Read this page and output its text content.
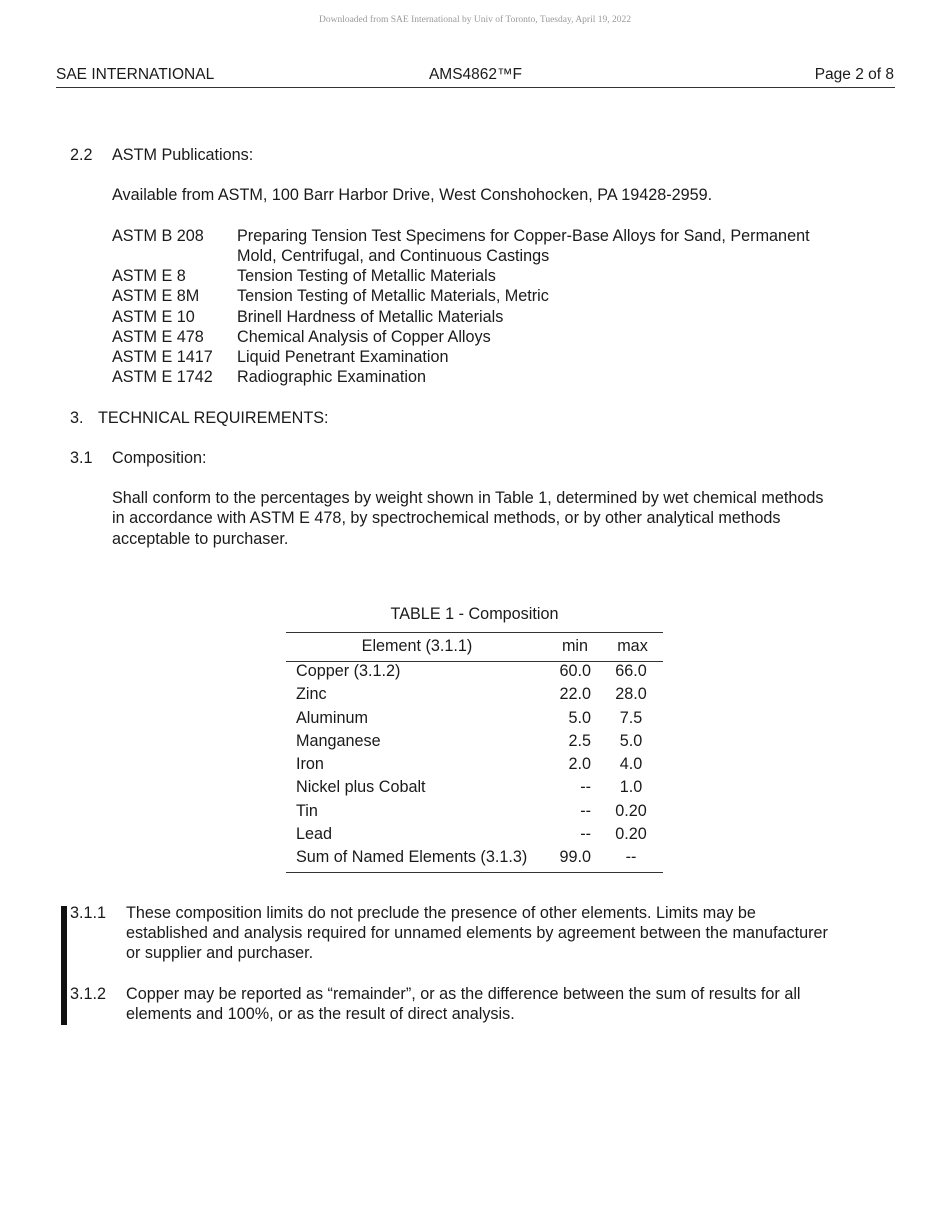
Downloaded from SAE International by Univ of Toronto, Tuesday, April 19, 2022
AMS4862™F
SAE INTERNATIONAL	Page 2 of 8
2.2 ASTM Publications:
Available from ASTM, 100 Barr Harbor Drive, West Conshohocken, PA 19428-2959.
ASTM B 208 Preparing Tension Test Specimens for Copper-Base Alloys for Sand, Permanent
Mold, Centrifugal, and Continuous Castings
ASTM E 8	Tension Testing of Metallic Materials
ASTM E 8M Tension Testing of Metallic Materials, Metric
ASTM E 10	Brinell Hardness of Metallic Materials
ASTM E 478 Chemical Analysis of Copper Alloys
ASTM E 1417 Liquid Penetrant Examination
ASTM E 1742 Radiographic Examination
3. TECHNICAL REQUIREMENTS:
3.1 Composition:
Shall conform to the percentages by weight shown in Table 1, determined by wet chemical methods
in accordance with ASTM E 478, by spectrochemical methods, or by other analytical methods
acceptable to purchaser.
TABLE 1 - Composition
Element (3.1.1)	min	max
Copper (3.1.2)	60.0	66.0
Zinc	22.0	28.0
Aluminum	5.0	7.5
Manganese	2.5	5.0
Iron	2.0	4.0
Nickel plus Cobalt	--	1.0
Tin	--	0.20
Lead	--	0.20
Sum of Named Elements (3.1.3) 99.0	--
3.1.1 These composition limits do not preclude the presence of other elements. Limits may be
established and analysis required for unnamed elements by agreement between the manufacturer
or supplier and purchaser.
3.1.2 Copper may be reported as “remainder”, or as the difference between the sum of results for all
elements and 100%, or as the result of direct analysis.
